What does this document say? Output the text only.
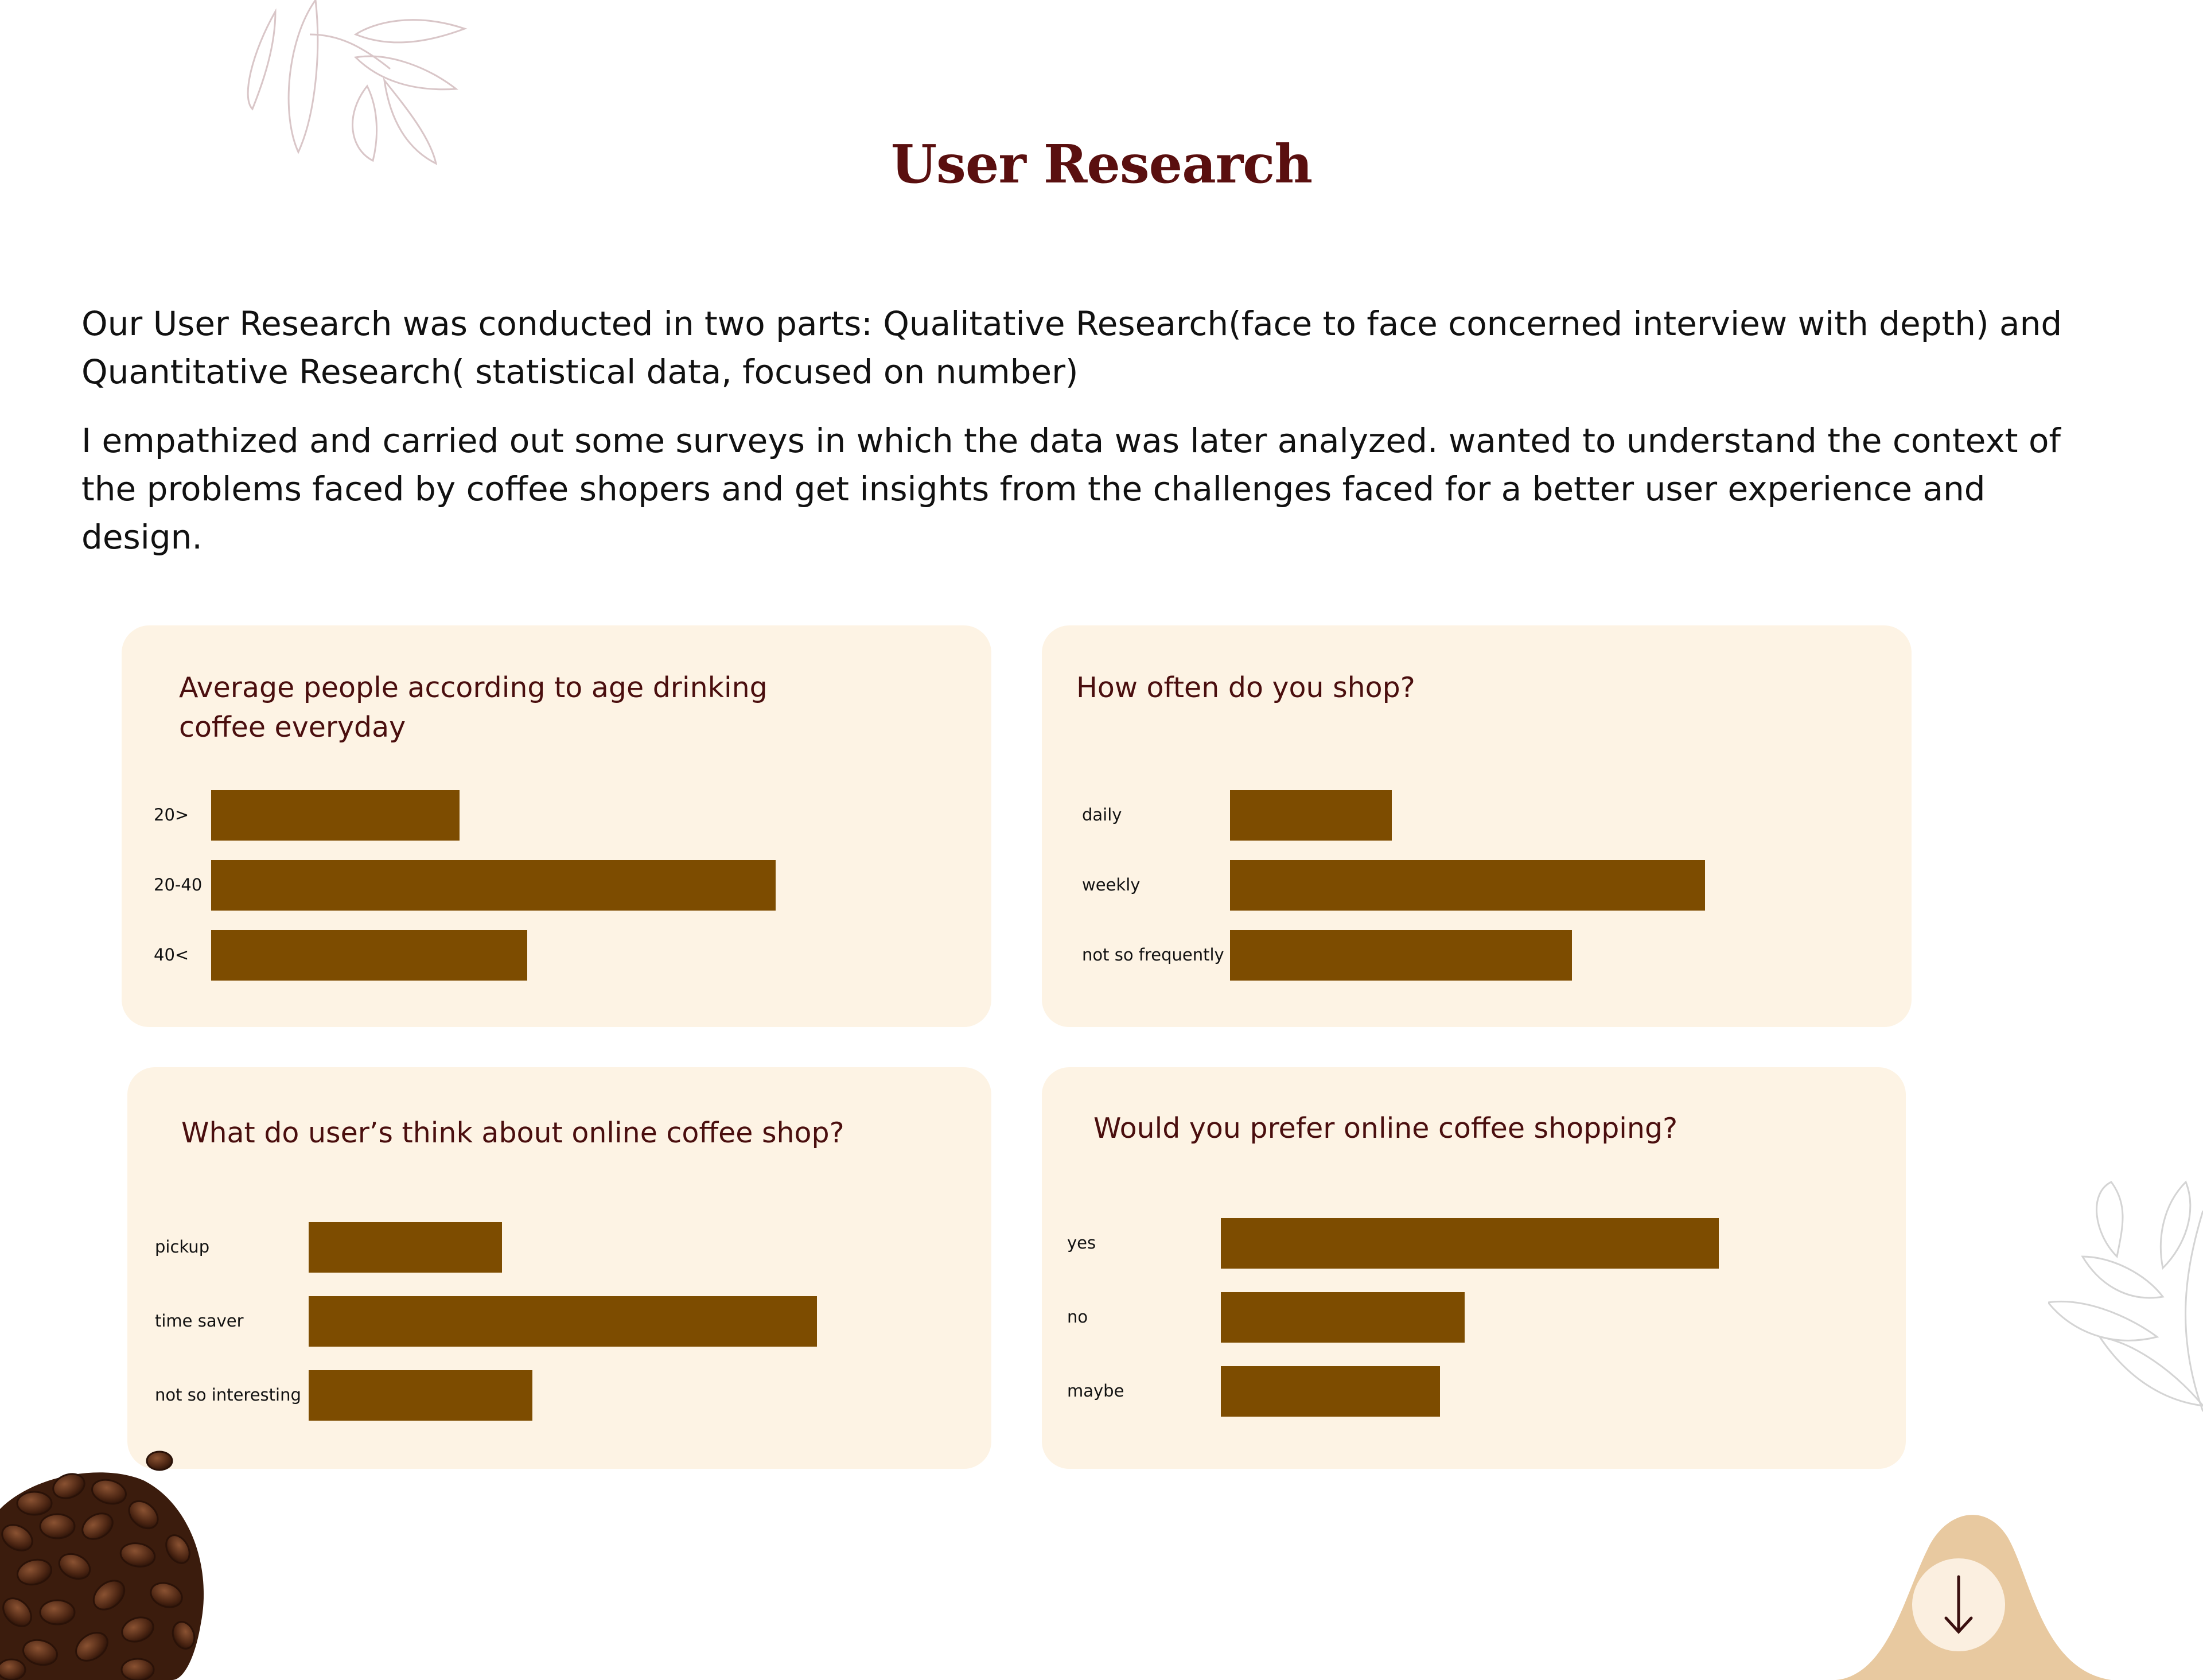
User Research

Our User Research was conducted in two parts: Qualitative Research(face to face concerned interview with depth) and Quantitative Research( statistical data, focused on number)

I empathized and carried out some surveys in which the data was later analyzed. wanted to understand the context of the problems faced by coffee shopers and get insights from the challenges faced for a better user experience and design.

Average people according to age drinking coffee everyday
20>
20-40
40<
How often do you shop?
daily
weekly
not so frequently
What do user’s think about online coffee shop?
pickup
time saver
not so interesting
Would you prefer online coffee shopping?
yes
no
maybe
